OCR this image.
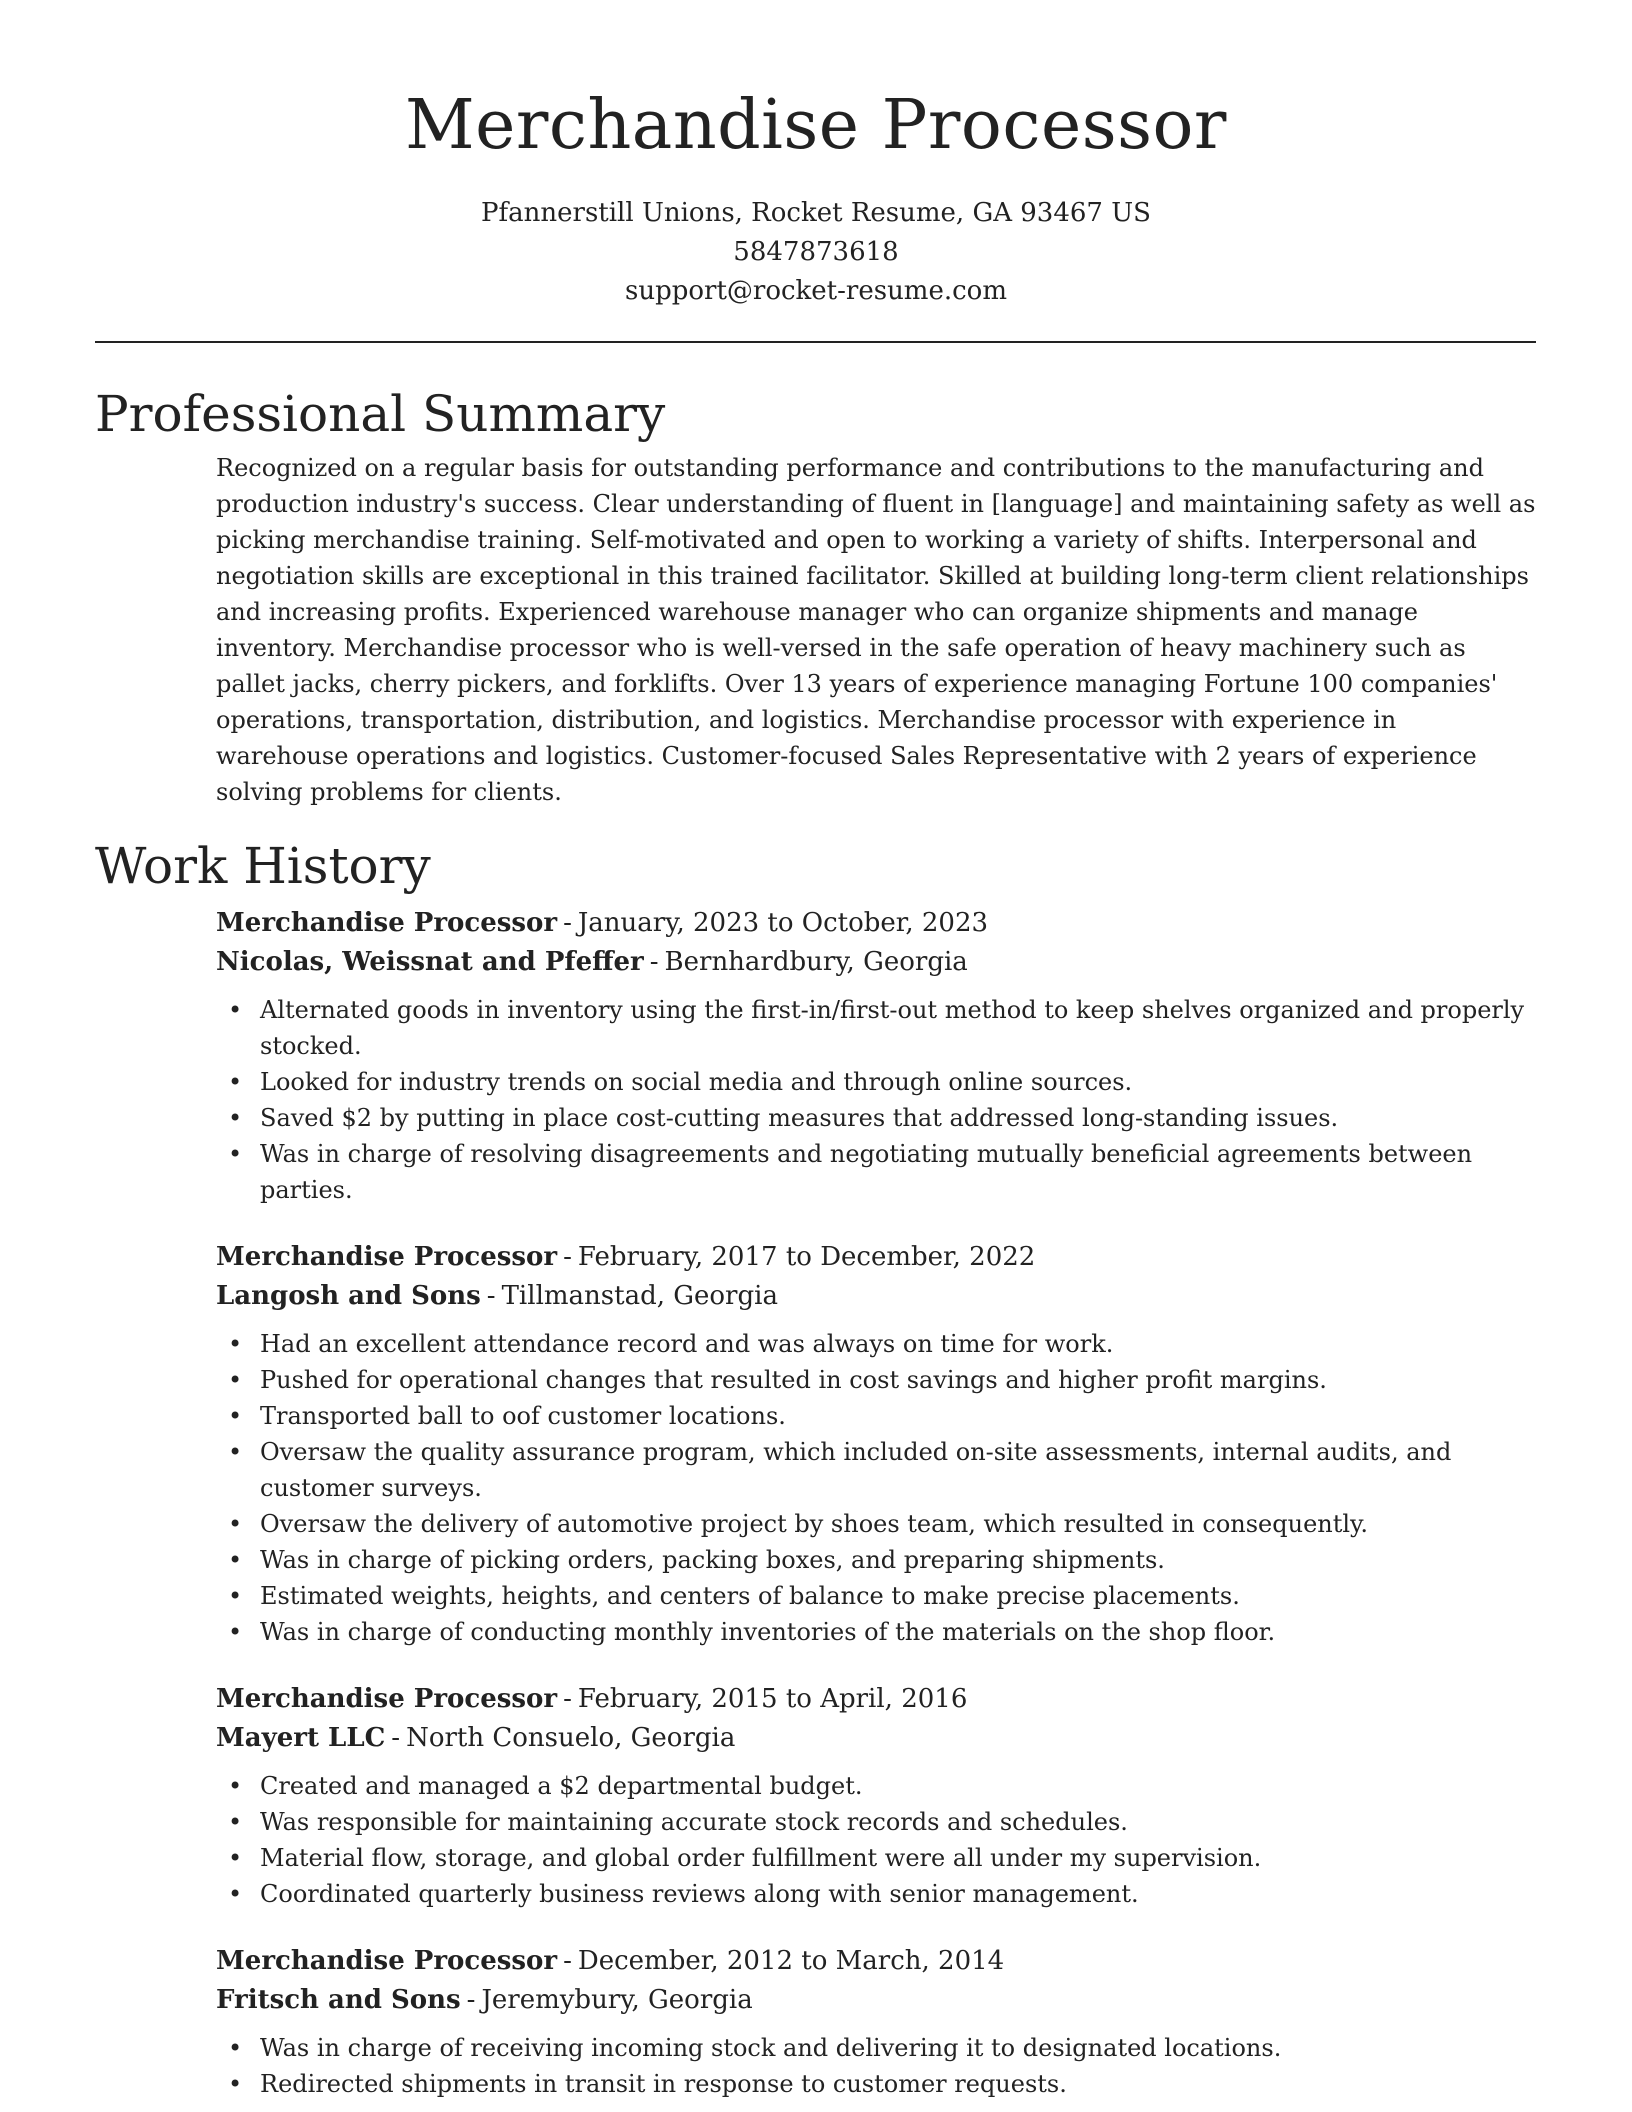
Merchandise Processor
Pfannerstill Unions, Rocket Resume, GA 93467 US
5847873618
support@rocket-resume.com
Professional Summary

Recognized on a regular basis for outstanding performance and contributions to the manufacturing and production industry's success. Clear understanding of fluent in [language] and maintaining safety as well as picking merchandise training. Self-motivated and open to working a variety of shifts. Interpersonal and negotiation skills are exceptional in this trained facilitator. Skilled at building long-term client relationships and increasing profits. Experienced warehouse manager who can organize shipments and manage inventory. Merchandise processor who is well-versed in the safe operation of heavy machinery such as pallet jacks, cherry pickers, and forklifts. Over 13 years of experience managing Fortune 100 companies' operations, transportation, distribution, and logistics. Merchandise processor with experience in warehouse operations and logistics. Customer-focused Sales Representative with 2 years of experience solving problems for clients.

Work History
Merchandise Processor - January, 2023 to October, 2023
Nicolas, Weissnat and Pfeffer - Bernhardbury, Georgia
• Alternated goods in inventory using the first-in/first-out method to keep shelves organized and properly stocked.
• Looked for industry trends on social media and through online sources.
• Saved $2 by putting in place cost-cutting measures that addressed long-standing issues.
• Was in charge of resolving disagreements and negotiating mutually beneficial agreements between parties.
Merchandise Processor - February, 2017 to December, 2022
Langosh and Sons - Tillmanstad, Georgia
• Had an excellent attendance record and was always on time for work.
• Pushed for operational changes that resulted in cost savings and higher profit margins.
• Transported ball to oof customer locations.
• Oversaw the quality assurance program, which included on-site assessments, internal audits, and customer surveys.
• Oversaw the delivery of automotive project by shoes team, which resulted in consequently.
• Was in charge of picking orders, packing boxes, and preparing shipments.
• Estimated weights, heights, and centers of balance to make precise placements.
• Was in charge of conducting monthly inventories of the materials on the shop floor.
Merchandise Processor - February, 2015 to April, 2016
Mayert LLC - North Consuelo, Georgia
• Created and managed a $2 departmental budget.
• Was responsible for maintaining accurate stock records and schedules.
• Material flow, storage, and global order fulfillment were all under my supervision.
• Coordinated quarterly business reviews along with senior management.
Merchandise Processor - December, 2012 to March, 2014
Fritsch and Sons - Jeremybury, Georgia
• Was in charge of receiving incoming stock and delivering it to designated locations.
• Redirected shipments in transit in response to customer requests.
